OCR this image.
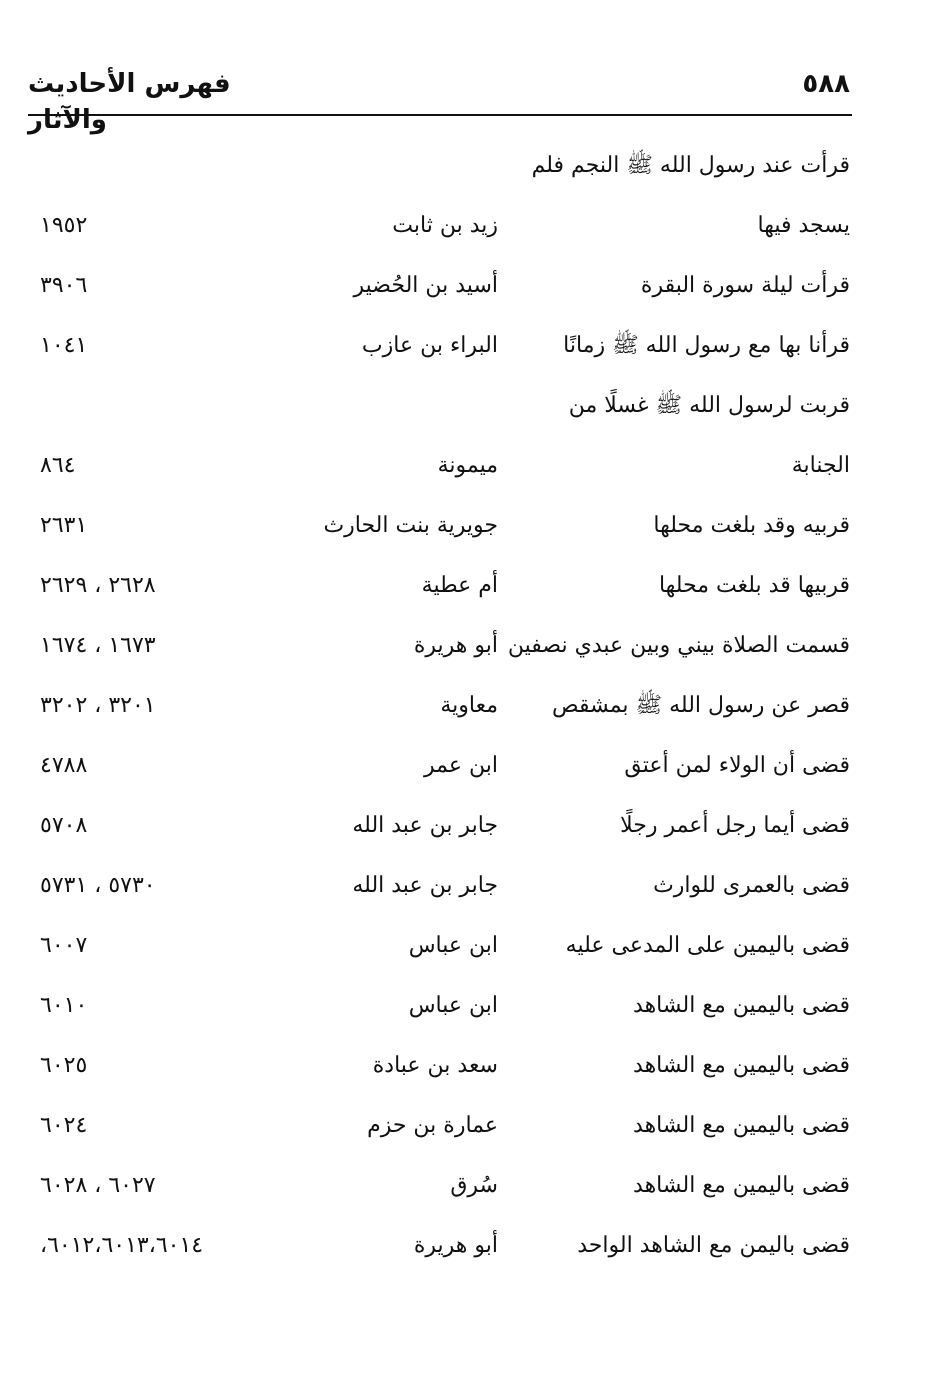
٥٨٨
فهرس الأحاديث والآثار
قرأت عند رسول الله ﷺ النجم فلم
يسجد فيها
زيد بن ثابت
١٩٥٢
قرأت ليلة سورة البقرة
أسيد بن الحُضير
٣٩٠٦
قرأنا بها مع رسول الله ﷺ زمانًا
البراء بن عازب
١٠٤١
قربت لرسول الله ﷺ غسلًا من
الجنابة
ميمونة
٨٦٤
قربيه وقد بلغت محلها
جويرية بنت الحارث
٢٦٣١
قربيها قد بلغت محلها
أم عطية
٢٦٢٨ ، ٢٦٢٩
قسمت الصلاة بيني وبين عبدي نصفين
أبو هريرة
١٦٧٣ ، ١٦٧٤
قصر عن رسول الله ﷺ بمشقص
معاوية
٣٢٠١ ، ٣٢٠٢
قضى أن الولاء لمن أعتق
ابن عمر
٤٧٨٨
قضى أيما رجل أعمر رجلًا
جابر بن عبد الله
٥٧٠٨
قضى بالعمرى للوارث
جابر بن عبد الله
٥٧٣٠ ، ٥٧٣١
قضى باليمين على المدعى عليه
ابن عباس
٦٠٠٧
قضى باليمين مع الشاهد
ابن عباس
٦٠١٠
قضى باليمين مع الشاهد
سعد بن عبادة
٦٠٢٥
قضى باليمين مع الشاهد
عمارة بن حزم
٦٠٢٤
قضى باليمين مع الشاهد
سُرق
٦٠٢٧ ، ٦٠٢٨
قضى باليمن مع الشاهد الواحد
أبو هريرة
٦٠١٢،٦٠١٣،٦٠١٤،
